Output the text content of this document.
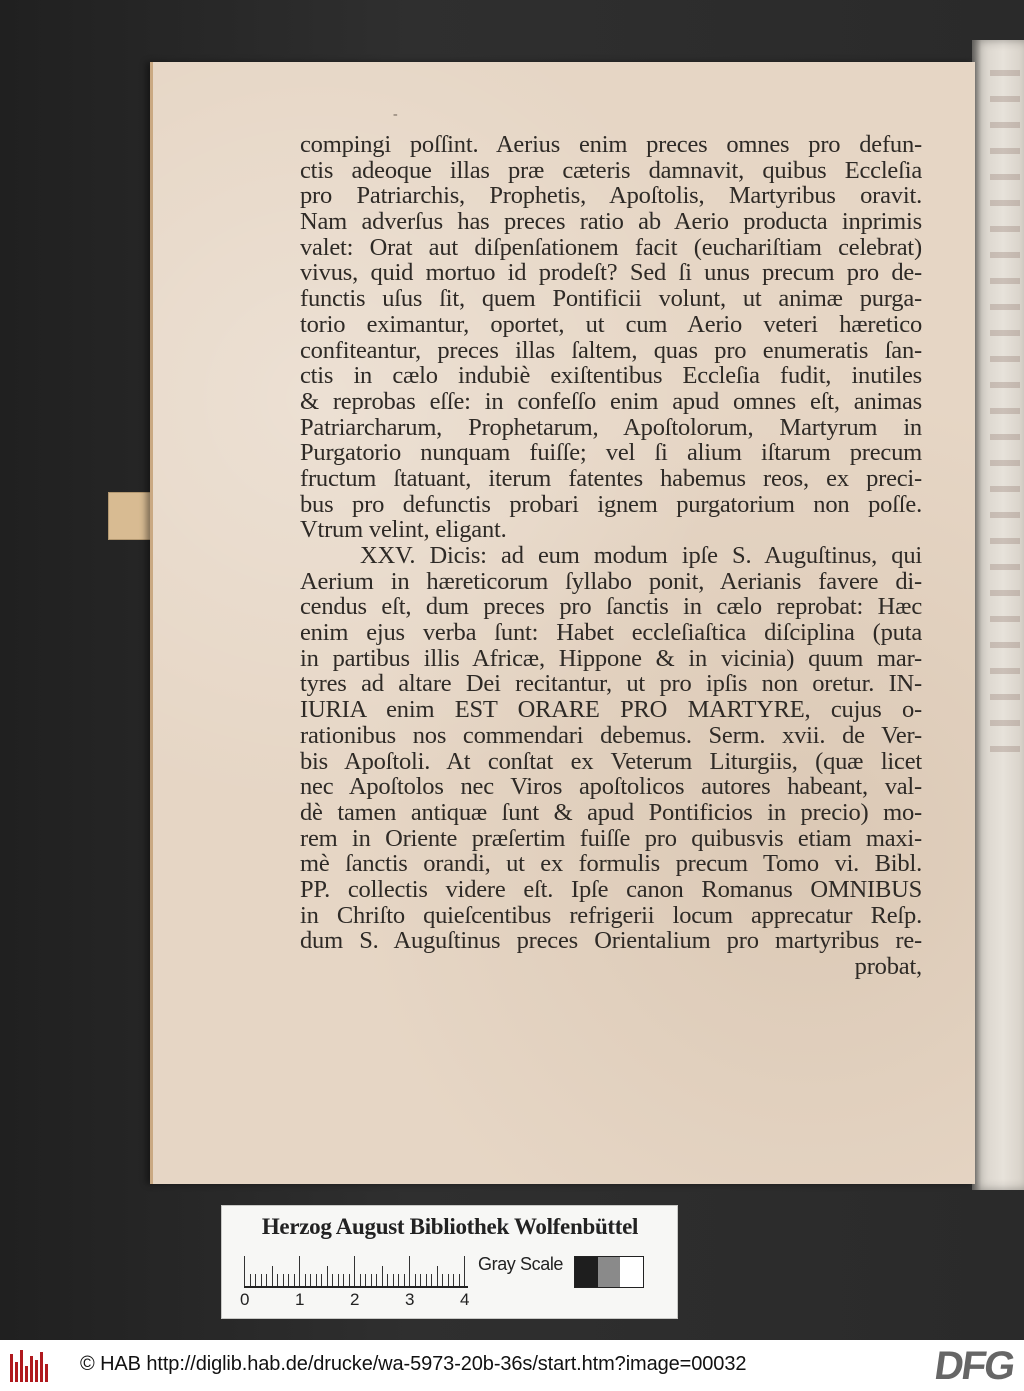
-
compingi poſſint. Aerius enim preces omnes pro defun-
ctis adeoque illas præ cæteris damnavit, quibus Eccleſia
pro Patriarchis, Prophetis, Apoſtolis, Martyribus oravit.
Nam adverſus has preces ratio ab Aerio producta inprimis
valet: Orat aut diſpenſationem facit (euchariſtiam celebrat)
vivus, quid mortuo id prodeſt? Sed ſi unus precum pro de-
functis uſus ſit, quem Pontificii volunt, ut animæ purga-
torio eximantur, oportet, ut cum Aerio veteri hæretico
confiteantur, preces illas ſaltem, quas pro enumeratis ſan-
ctis in cælo indubiè exiſtentibus Eccleſia fudit, inutiles
& reprobas eſſe: in confeſſo enim apud omnes eſt, animas
Patriarcharum, Prophetarum, Apoſtolorum, Martyrum in
Purgatorio nunquam fuiſſe; vel ſi alium iſtarum precum
fructum ſtatuant, iterum fatentes habemus reos, ex preci-
bus pro defunctis probari ignem purgatorium non poſſe.
Vtrum velint, eligant.
XXV. Dicis: ad eum modum ipſe S. Auguſtinus, qui
Aerium in hæreticorum ſyllabo ponit, Aerianis favere di-
cendus eſt, dum preces pro ſanctis in cælo reprobat: Hæc
enim ejus verba ſunt: Habet eccleſiaſtica diſciplina (puta
in partibus illis Africæ, Hippone & in vicinia) quum mar-
tyres ad altare Dei recitantur, ut pro ipſis non oretur. IN-
IURIA enim EST ORARE PRO MARTYRE, cujus o-
rationibus nos commendari debemus. Serm. xvii. de Ver-
bis Apoſtoli. At conſtat ex Veterum Liturgiis, (quæ licet
nec Apoſtolos nec Viros apoſtolicos autores habeant, val-
dè tamen antiquæ ſunt & apud Pontificios in precio) mo-
rem in Oriente præſertim fuiſſe pro quibusvis etiam maxi-
mè ſanctis orandi, ut ex formulis precum Tomo vi. Bibl.
PP. collectis videre eſt. Ipſe canon Romanus OMNIBUS
in Chriſto quieſcentibus refrigerii locum apprecatur Reſp.
dum S. Auguſtinus preces Orientalium pro martyribus re-
probat,
Herzog August Bibliothek Wolfenbüttel
0	1	2	3	4
Gray Scale
© HAB http://diglib.hab.de/drucke/wa-5973-20b-36s/start.htm?image=00032	DFG
